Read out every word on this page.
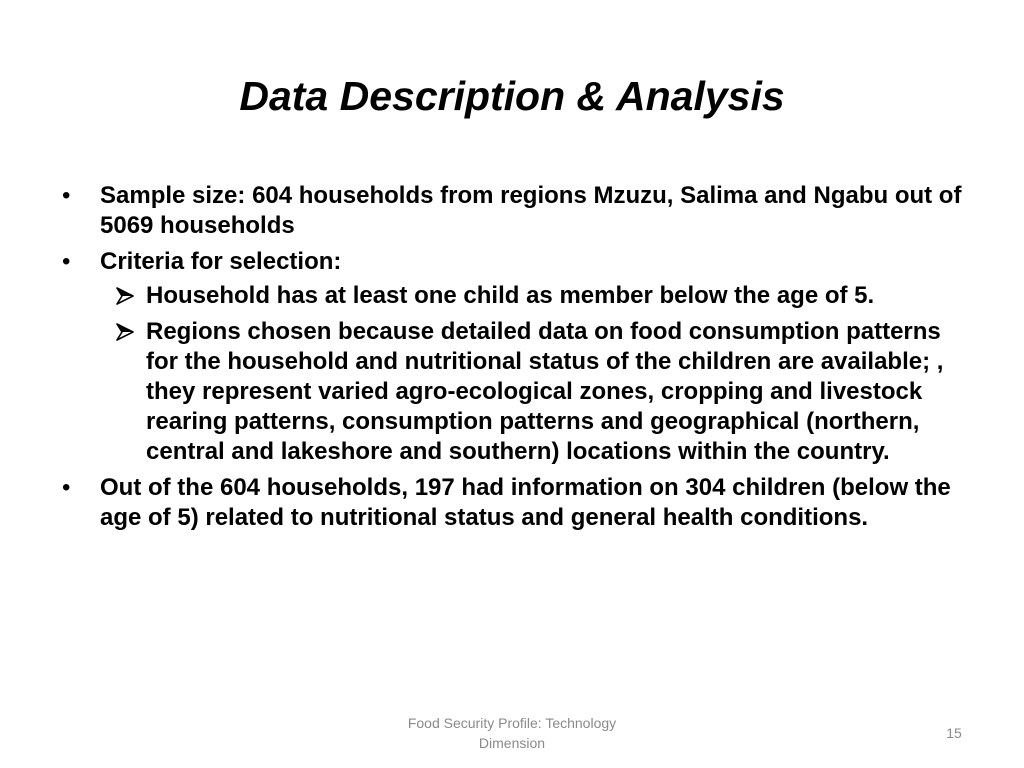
Data Description & Analysis
•	Sample size: 604 households from regions Mzuzu, Salima and Ngabu out of 5069 households
•	Criteria for selection:
Household has at least one child as member below the age of 5.
Regions chosen because detailed data on food consumption patterns for the household and nutritional status of the children are available; , they represent varied agro-ecological zones, cropping and livestock rearing patterns, consumption patterns and geographical (northern, central and lakeshore and southern) locations within the country.
•	Out of the 604 households, 197 had information on 304 children (below the age of 5) related to nutritional status and general health conditions.
Food Security Profile: Technology Dimension
15
